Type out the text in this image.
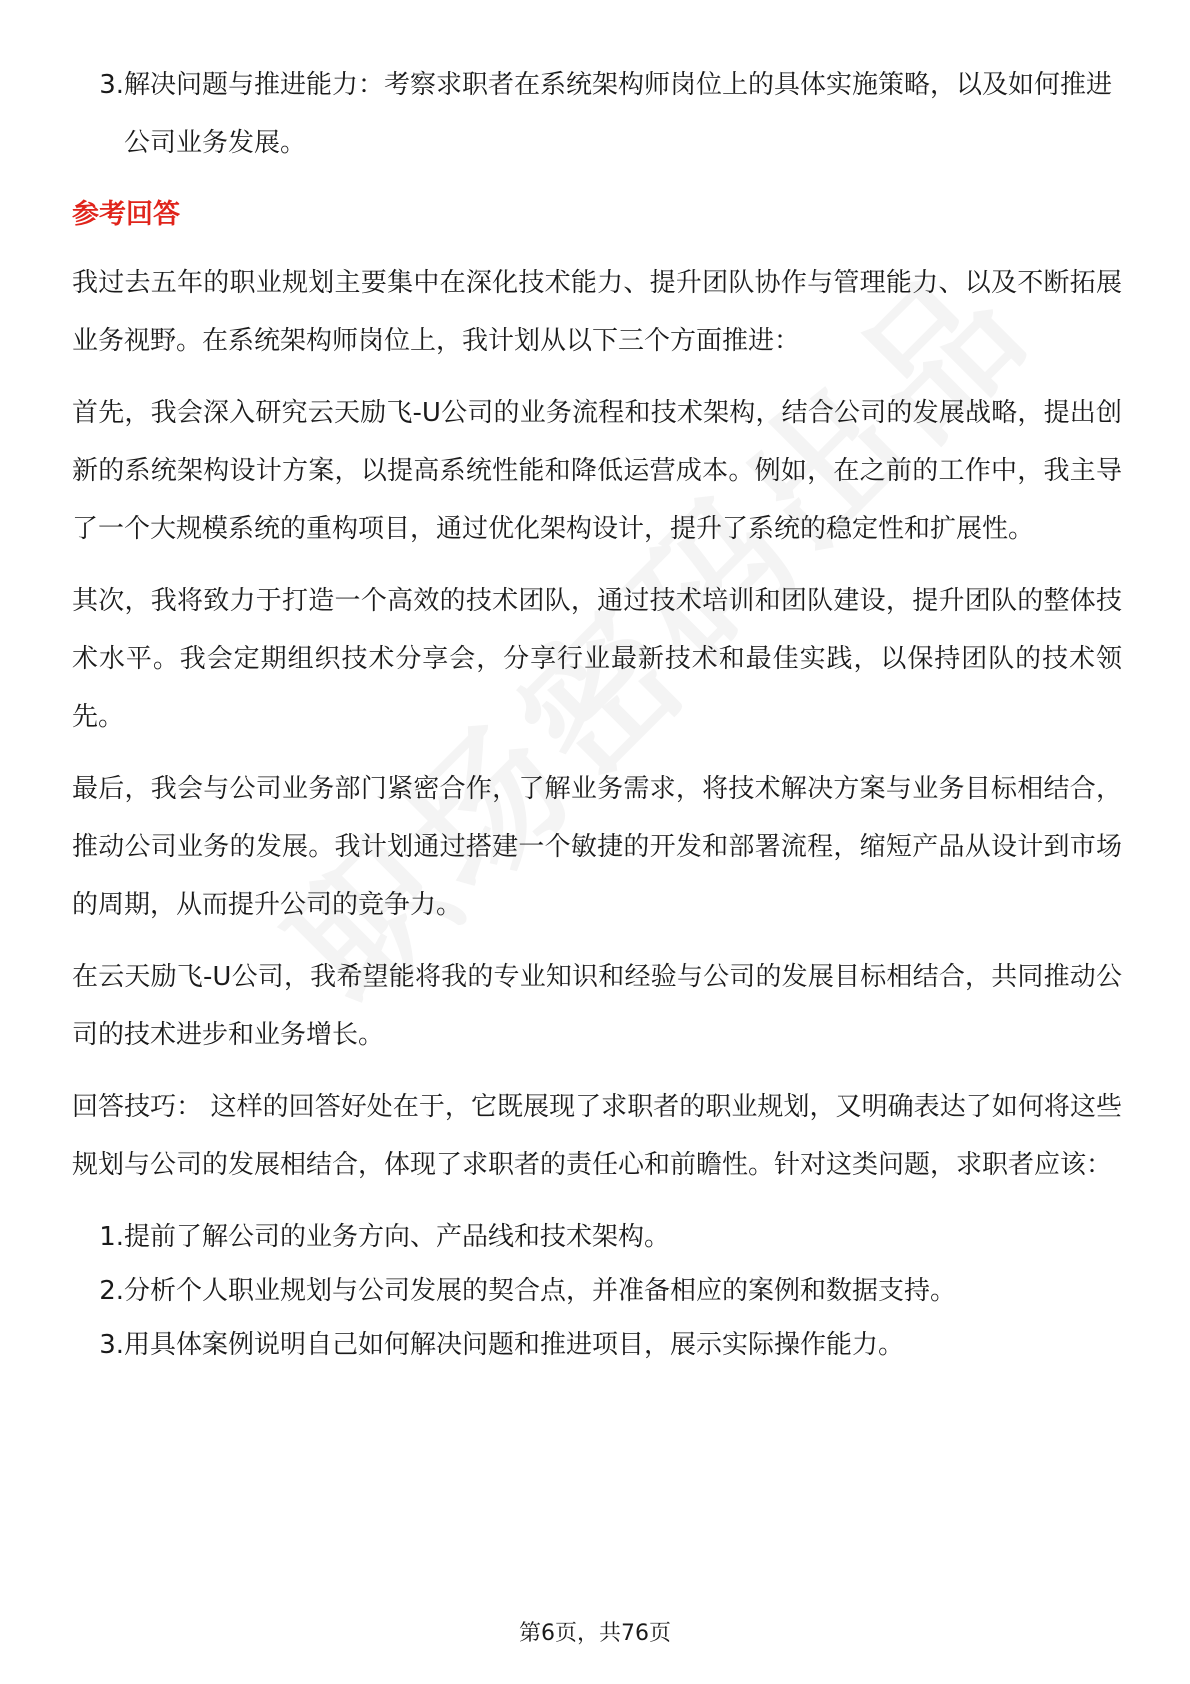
3. 解决问题与推进能力：考察求职者在系统架构师岗位上的具体实施策略，以及如何推进公司业务发展。
参考回答

我过去五年的职业规划主要集中在深化技术能力、提升团队协作与管理能力、以及不断拓展业务视野。在系统架构师岗位上，我计划从以下三个方面推进：

首先，我会深入研究云天励飞-U公司的业务流程和技术架构，结合公司的发展战略，提出创新的系统架构设计方案，以提高系统性能和降低运营成本。例如，在之前的工作中，我主导了一个大规模系统的重构项目，通过优化架构设计，提升了系统的稳定性和扩展性。

其次，我将致力于打造一个高效的技术团队，通过技术培训和团队建设，提升团队的整体技术水平。我会定期组织技术分享会，分享行业最新技术和最佳实践，以保持团队的技术领先。

最后，我会与公司业务部门紧密合作，了解业务需求，将技术解决方案与业务目标相结合，推动公司业务的发展。我计划通过搭建一个敏捷的开发和部署流程，缩短产品从设计到市场的周期，从而提升公司的竞争力。

在云天励飞-U公司，我希望能将我的专业知识和经验与公司的发展目标相结合，共同推动公司的技术进步和业务增长。

回答技巧： 这样的回答好处在于，它既展现了求职者的职业规划，又明确表达了如何将这些规划与公司的发展相结合，体现了求职者的责任心和前瞻性。针对这类问题，求职者应该：

1. 提前了解公司的业务方向、产品线和技术架构。
2. 分析个人职业规划与公司发展的契合点，并准备相应的案例和数据支持。
3. 用具体案例说明自己如何解决问题和推进项目，展示实际操作能力。
第6页，共76页
